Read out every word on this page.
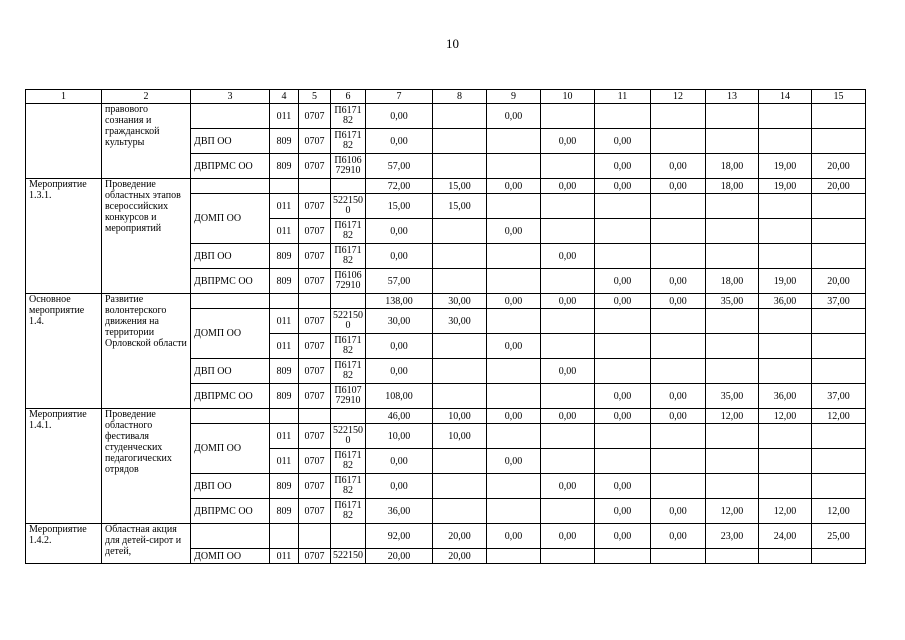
10
1	2	3	4	5	6	7	8	9	10	11	12	13	14	15
	правового сознания и гражданской культуры		011	0707	П6171 82	0,00		0,00						
		ДВП ОО	809	0707	П6171 82	0,00			0,00	0,00				
		ДВПРМС ОО	809	0707	П6106 72910	57,00				0,00	0,00	18,00	19,00	20,00
Мероприятие 1.3.1.	Проведение областных этапов всероссийских конкурсов и мероприятий					72,00	15,00	0,00	0,00	0,00	0,00	18,00	19,00	20,00
		ДОМП ОО	011	0707	522150 0	15,00	15,00							
			011	0707	П6171 82	0,00		0,00						
		ДВП ОО	809	0707	П6171 82	0,00			0,00					
		ДВПРМС ОО	809	0707	П6106 72910	57,00				0,00	0,00	18,00	19,00	20,00
Основное мероприятие 1.4.	Развитие волонтерского движения на территории Орловской области					138,00	30,00	0,00	0,00	0,00	0,00	35,00	36,00	37,00
		ДОМП ОО	011	0707	522150 0	30,00	30,00							
			011	0707	П6171 82	0,00		0,00						
		ДВП ОО	809	0707	П6171 82	0,00			0,00					
		ДВПРМС ОО	809	0707	П6107 72910	108,00				0,00	0,00	35,00	36,00	37,00
Мероприятие 1.4.1.	Проведение областного фестиваля студенческих педагогических отрядов					46,00	10,00	0,00	0,00	0,00	0,00	12,00	12,00	12,00
		ДОМП ОО	011	0707	522150 0	10,00	10,00							
			011	0707	П6171 82	0,00		0,00						
		ДВП ОО	809	0707	П6171 82	0,00			0,00	0,00				
		ДВПРМС ОО	809	0707	П6171 82	36,00				0,00	0,00	12,00	12,00	12,00
Мероприятие 1.4.2.	Областная акция для детей-сирот и детей,					92,00	20,00	0,00	0,00	0,00	0,00	23,00	24,00	25,00
		ДОМП ОО	011	0707	522150	20,00	20,00							
